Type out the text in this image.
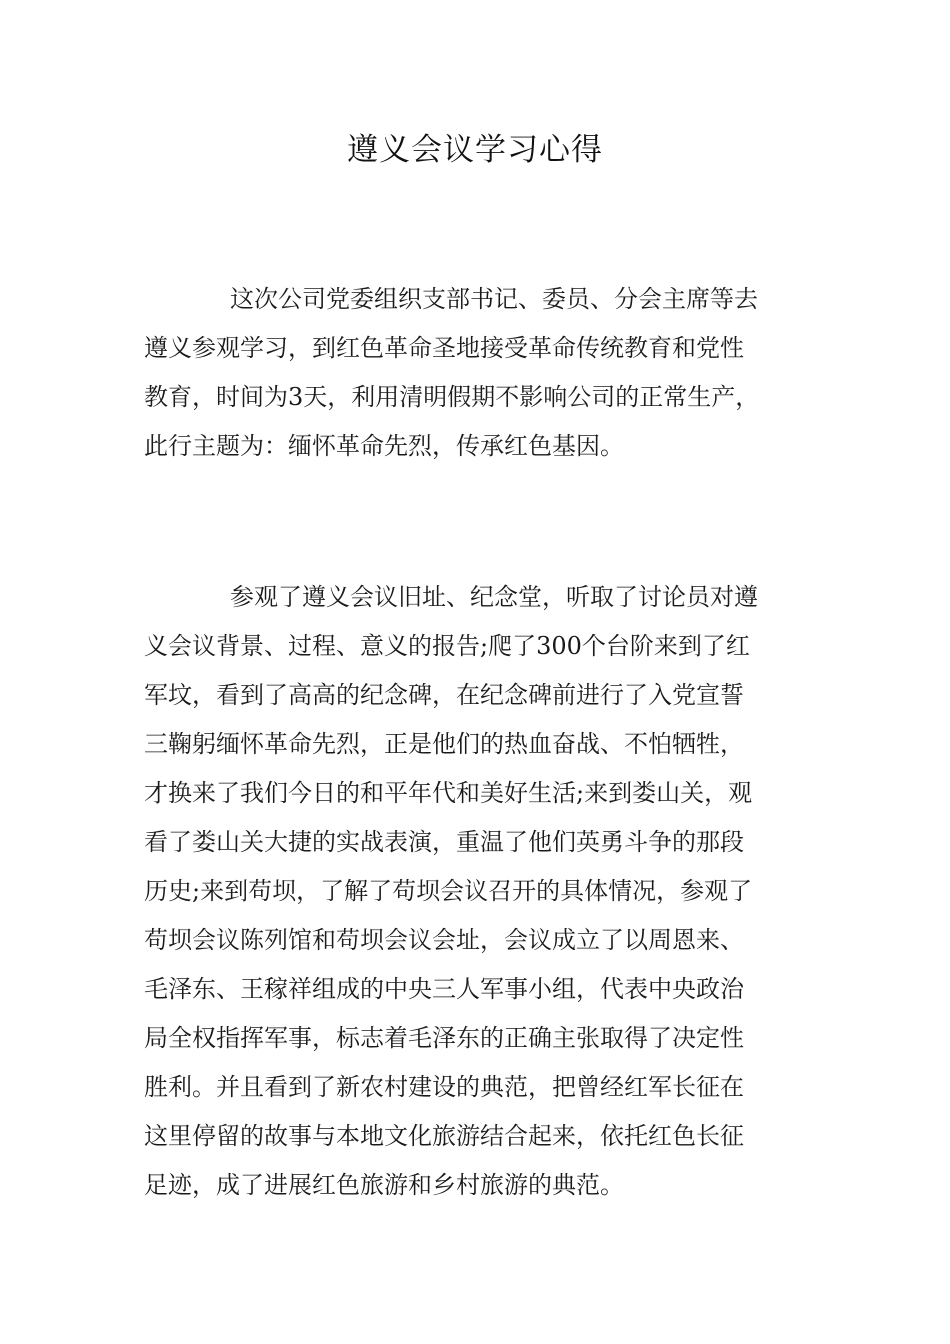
遵义会议学习心得
这次公司党委组织支部书记、委员、分会主席等去
遵义参观学习，到红色革命圣地接受革命传统教育和党性
教育，时间为3天，利用清明假期不影响公司的正常生产，
此行主题为：缅怀革命先烈，传承红色基因。
参观了遵义会议旧址、纪念堂，听取了讨论员对遵
义会议背景、过程、意义的报告;爬了300个台阶来到了红
军坟，看到了高高的纪念碑，在纪念碑前进行了入党宣誓
三鞠躬缅怀革命先烈，正是他们的热血奋战、不怕牺牲，
才换来了我们今日的和平年代和美好生活;来到娄山关，观
看了娄山关大捷的实战表演，重温了他们英勇斗争的那段
历史;来到苟坝，了解了苟坝会议召开的具体情况，参观了
苟坝会议陈列馆和苟坝会议会址，会议成立了以周恩来、
毛泽东、王稼祥组成的中央三人军事小组，代表中央政治
局全权指挥军事，标志着毛泽东的正确主张取得了决定性
胜利。并且看到了新农村建设的典范，把曾经红军长征在
这里停留的故事与本地文化旅游结合起来，依托红色长征
足迹，成了进展红色旅游和乡村旅游的典范。
